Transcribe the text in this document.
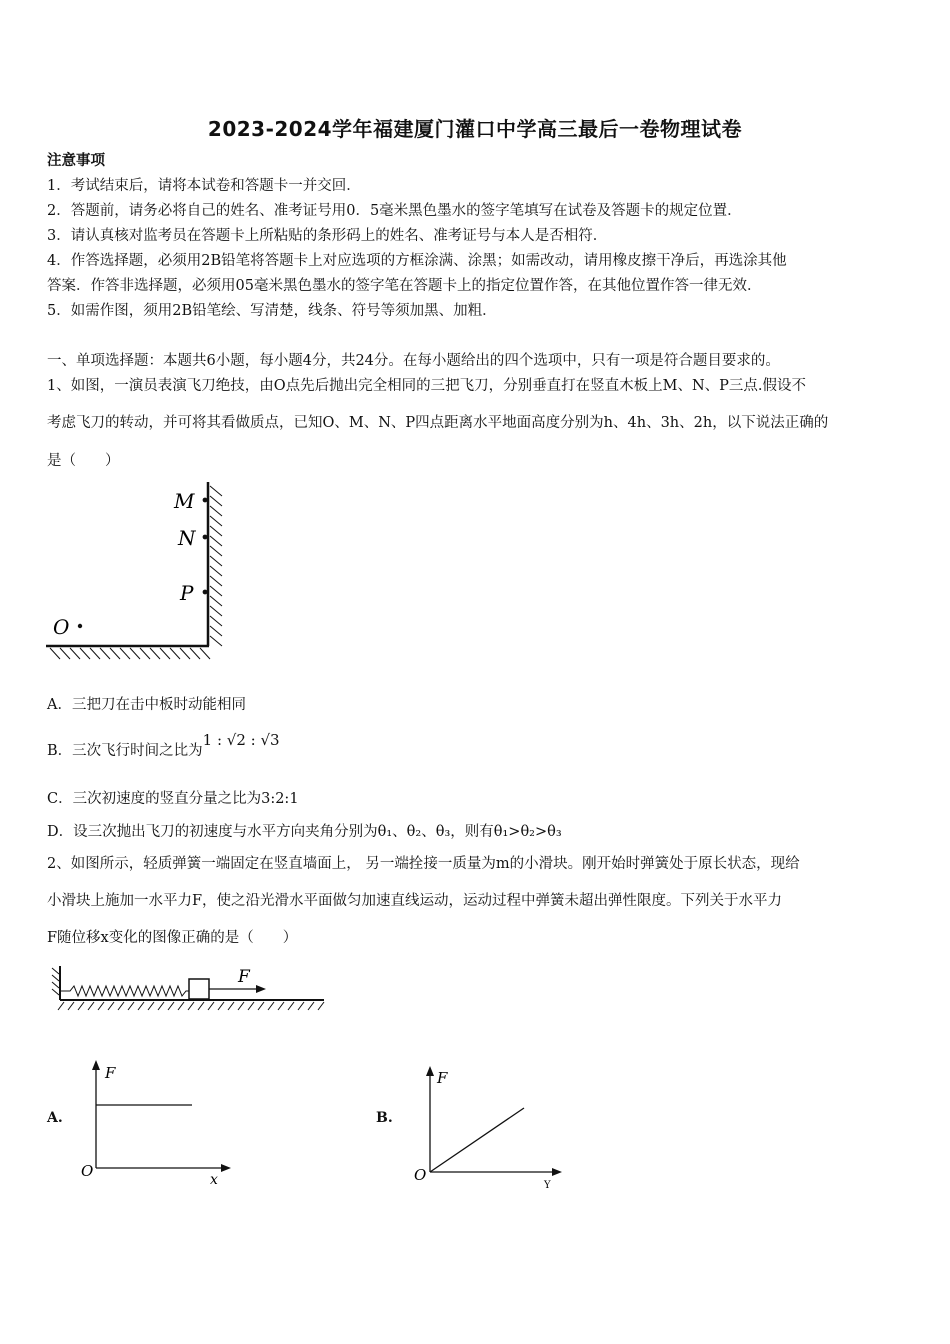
2023-2024学年福建厦门灌口中学高三最后一卷物理试卷
注意事项
1．考试结束后，请将本试卷和答题卡一并交回．
2．答题前，请务必将自己的姓名、准考证号用0．5毫米黑色墨水的签字笔填写在试卷及答题卡的规定位置．
3．请认真核对监考员在答题卡上所粘贴的条形码上的姓名、准考证号与本人是否相符．
4．作答选择题，必须用2B铅笔将答题卡上对应选项的方框涂满、涂黑；如需改动，请用橡皮擦干净后，再选涂其他
答案．作答非选择题，必须用05毫米黑色墨水的签字笔在答题卡上的指定位置作答，在其他位置作答一律无效．
5．如需作图，须用2B铅笔绘、写清楚，线条、符号等须加黑、加粗．
一、单项选择题：本题共6小题，每小题4分，共24分。在每小题给出的四个选项中，只有一项是符合题目要求的。
1、如图，一演员表演飞刀绝技，由O点先后抛出完全相同的三把飞刀，分别垂直打在竖直木板上M、N、P三点.假设不
考虑飞刀的转动，并可将其看做质点，已知O、M、N、P四点距离水平地面高度分别为h、4h、3h、2h，以下说法正确的
是（　　）
M
N
P
O
A．三把刀在击中板时动能相同
B．三次飞行时间之比为1 : √2 : √3
C．三次初速度的竖直分量之比为3:2:1
D．设三次抛出飞刀的初速度与水平方向夹角分别为θ₁、θ₂、θ₃，则有θ₁>θ₂>θ₃
2、如图所示，轻质弹簧一端固定在竖直墙面上， 另一端拴接一质量为m的小滑块。刚开始时弹簧处于原长状态，现给
小滑块上施加一水平力F，使之沿光滑水平面做匀加速直线运动，运动过程中弹簧未超出弹性限度。下列关于水平力
F随位移x变化的图像正确的是（　　）
F
A.
F
O	x
B.
F
O
Y
